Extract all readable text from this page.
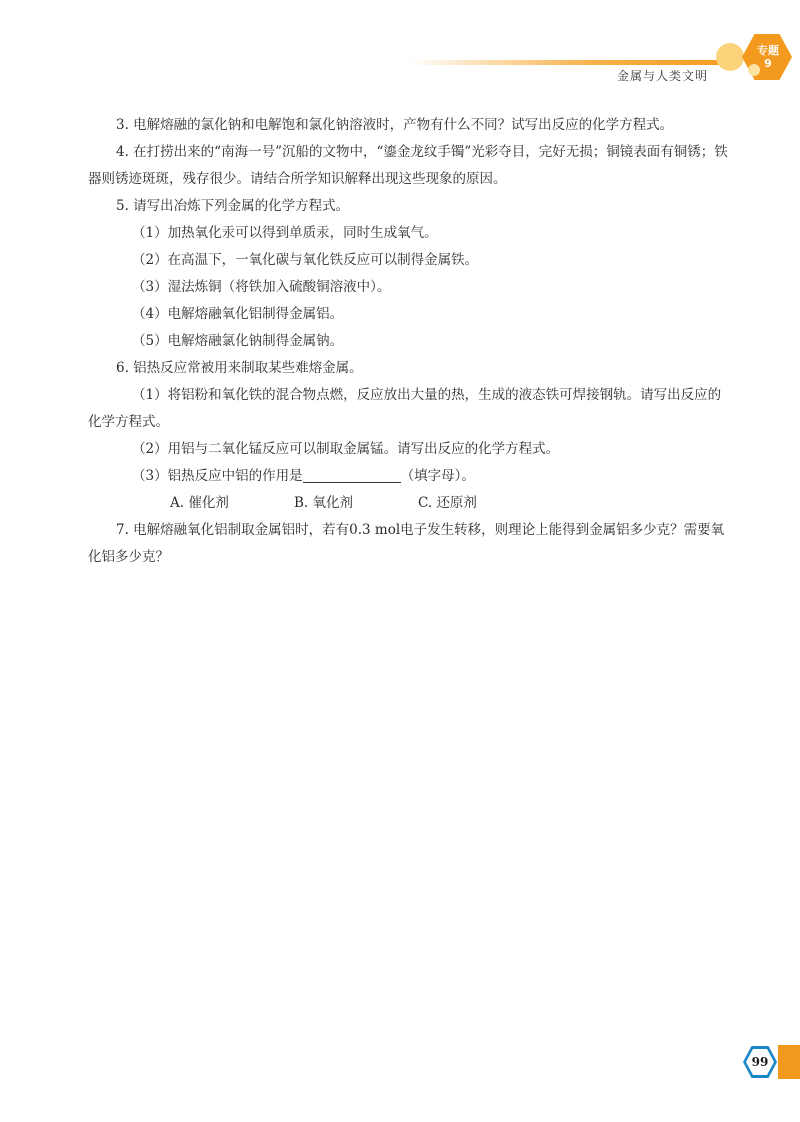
金属与人类文明
专题
9

3. 电解熔融的氯化钠和电解饱和氯化钠溶液时，产物有什么不同？试写出反应的化学方程式。

4. 在打捞出来的“南海一号”沉船的文物中，“鎏金龙纹手镯”光彩夺目，完好无损；铜镜表面有铜锈；铁器则锈迹斑斑，残存很少。请结合所学知识解释出现这些现象的原因。

5. 请写出冶炼下列金属的化学方程式。

（1）加热氧化汞可以得到单质汞，同时生成氧气。

（2）在高温下，一氧化碳与氧化铁反应可以制得金属铁。

（3）湿法炼铜（将铁加入硫酸铜溶液中）。

（4）电解熔融氧化铝制得金属铝。

（5）电解熔融氯化钠制得金属钠。

6. 铝热反应常被用来制取某些难熔金属。

（1）将铝粉和氧化铁的混合物点燃，反应放出大量的热，生成的液态铁可焊接钢轨。请写出反应的化学方程式。

（2）用铝与二氧化锰反应可以制取金属锰。请写出反应的化学方程式。

（3）铝热反应中铝的作用是	（填字母）。

A. 催化剂	B. 氧化剂	C. 还原剂

7. 电解熔融氧化铝制取金属铝时，若有0.3 mol电子发生转移，则理论上能得到金属铝多少克？需要氧化铝多少克？

99
